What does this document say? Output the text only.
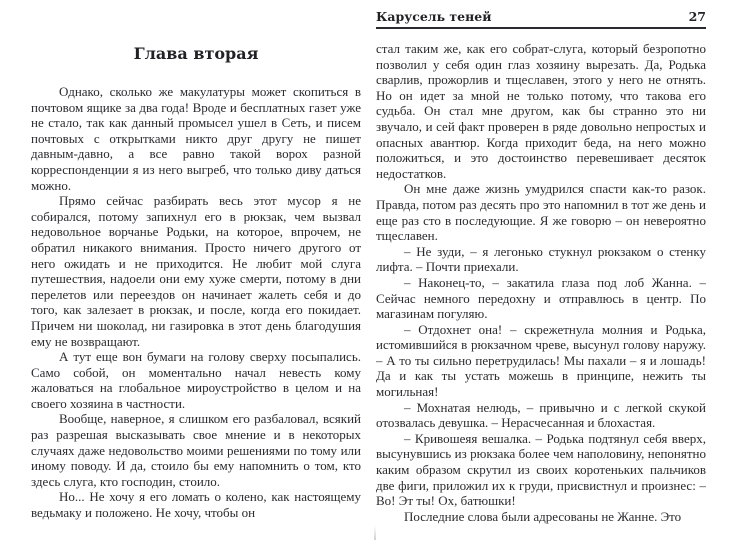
Глава вторая

Однако, сколько же макулатуры может скопиться в почтовом ящике за два года! Вроде и бесплатных газет уже не стало, так как данный промысел ушел в Сеть, и писем почтовых с открытками никто друг другу не пишет давным-давно, а все равно такой ворох разной корреспонденции я из него выгреб, что только диву даться можно.

Прямо сейчас разбирать весь этот мусор я не собирался, потому запихнул его в рюкзак, чем вызвал недовольное ворчанье Родьки, на которое, впрочем, не обратил никакого внимания. Просто ничего другого от него ожидать и не приходится. Не любит мой слуга путешествия, надоели они ему хуже смерти, потому в дни перелетов или переездов он начинает жалеть себя и до того, как залезает в рюкзак, и после, когда его покидает. Причем ни шоколад, ни газировка в этот день благодушия ему не возвращают.

А тут еще вон бумаги на голову сверху посыпались. Само собой, он моментально начал невесть кому жаловаться на глобальное мироустройство в целом и на своего хозяина в частности.

Вообще, наверное, я слишком его разбаловал, всякий раз разрешая высказывать свое мнение и в некоторых случаях даже недовольство моими решениями по тому или иному поводу. И да, стоило бы ему напомнить о том, кто здесь слуга, кто господин, стоило.

Но... Не хочу я его ломать о колено, как настоящему ведьмаку и положено. Не хочу, чтобы он

Карусель теней	27

стал таким же, как его собрат-слуга, который безропотно позволил у себя один глаз хозяину вырезать. Да, Родька сварлив, прожорлив и тщеславен, этого у него не отнять. Но он идет за мной не только потому, что такова его судьба. Он стал мне другом, как бы странно это ни звучало, и сей факт проверен в ряде довольно непростых и опасных авантюр. Когда приходит беда, на него можно положиться, и это достоинство перевешивает десяток недостатков.

Он мне даже жизнь умудрился спасти как-то разок. Правда, потом раз десять про это напомнил в тот же день и еще раз сто в последующие. Я же говорю – он невероятно тщеславен.

– Не зуди, – я легонько стукнул рюкзаком о стенку лифта. – Почти приехали.

– Наконец-то, – закатила глаза под лоб Жанна. – Сейчас немного передохну и отправлюсь в центр. По магазинам погуляю.

– Отдохнет она! – скрежетнула молния и Родька, истомившийся в рюкзачном чреве, высунул голову наружу. – А то ты сильно перетрудилась! Мы пахали – я и лошадь! Да и как ты устать можешь в принципе, нежить ты могильная!

– Мохнатая нелюдь, – привычно и с легкой скукой отозвалась девушка. – Нерасчесанная и блохастая.

– Кривошеяя вешалка. – Родька подтянул себя вверх, высунувшись из рюкзака более чем наполовину, непонятно каким образом скрутил из своих коротеньких пальчиков две фиги, приложил их к груди, присвистнул и произнес: – Во! Эт ты! Ох, батюшки!

Последние слова были адресованы не Жанне. Это
